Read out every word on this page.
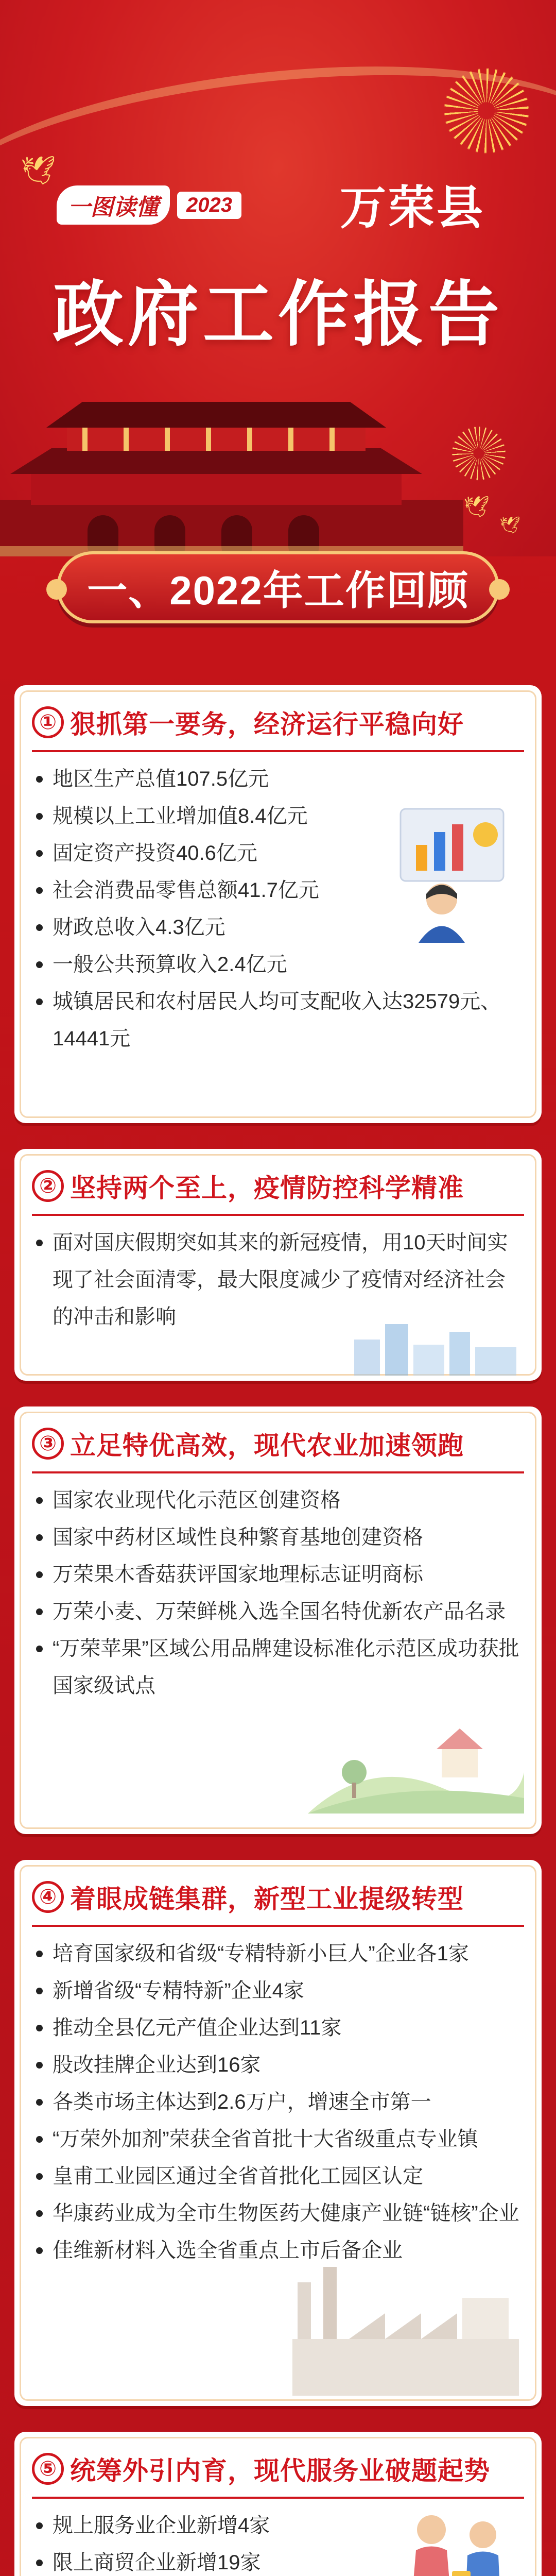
🕊
🕊
🕊
一图读懂	2023 万荣县
政府工作报告
一、2022年工作回顾
① 狠抓第一要务，经济运行平稳向好
地区生产总值107.5亿元
规模以上工业增加值8.4亿元
固定资产投资40.6亿元
社会消费品零售总额41.7亿元
财政总收入4.3亿元
一般公共预算收入2.4亿元
城镇居民和农村居民人均可支配收入达32579元、14441元
② 坚持两个至上，疫情防控科学精准
面对国庆假期突如其来的新冠疫情，用10天时间实现了社会面清零，最大限度减少了疫情对经济社会的冲击和影响
③ 立足特优高效，现代农业加速领跑
国家农业现代化示范区创建资格
国家中药材区域性良种繁育基地创建资格
万荣果木香菇获评国家地理标志证明商标
万荣小麦、万荣鲜桃入选全国名特优新农产品名录
“万荣苹果”区域公用品牌建设标准化示范区成功获批国家级试点
④ 着眼成链集群，新型工业提级转型
培育国家级和省级“专精特新小巨人”企业各1家
新增省级“专精特新”企业4家
推动全县亿元产值企业达到11家
股改挂牌企业达到16家
各类市场主体达到2.6万户，增速全市第一
“万荣外加剂”荣获全省首批十大省级重点专业镇
皇甫工业园区通过全省首批化工园区认定
华康药业成为全市生物医药大健康产业链“链核”企业
佳维新材料入选全省重点上市后备企业
⑤ 统筹外引内育，现代服务业破题起势
规上服务业企业新增4家
限上商贸企业新增19家
